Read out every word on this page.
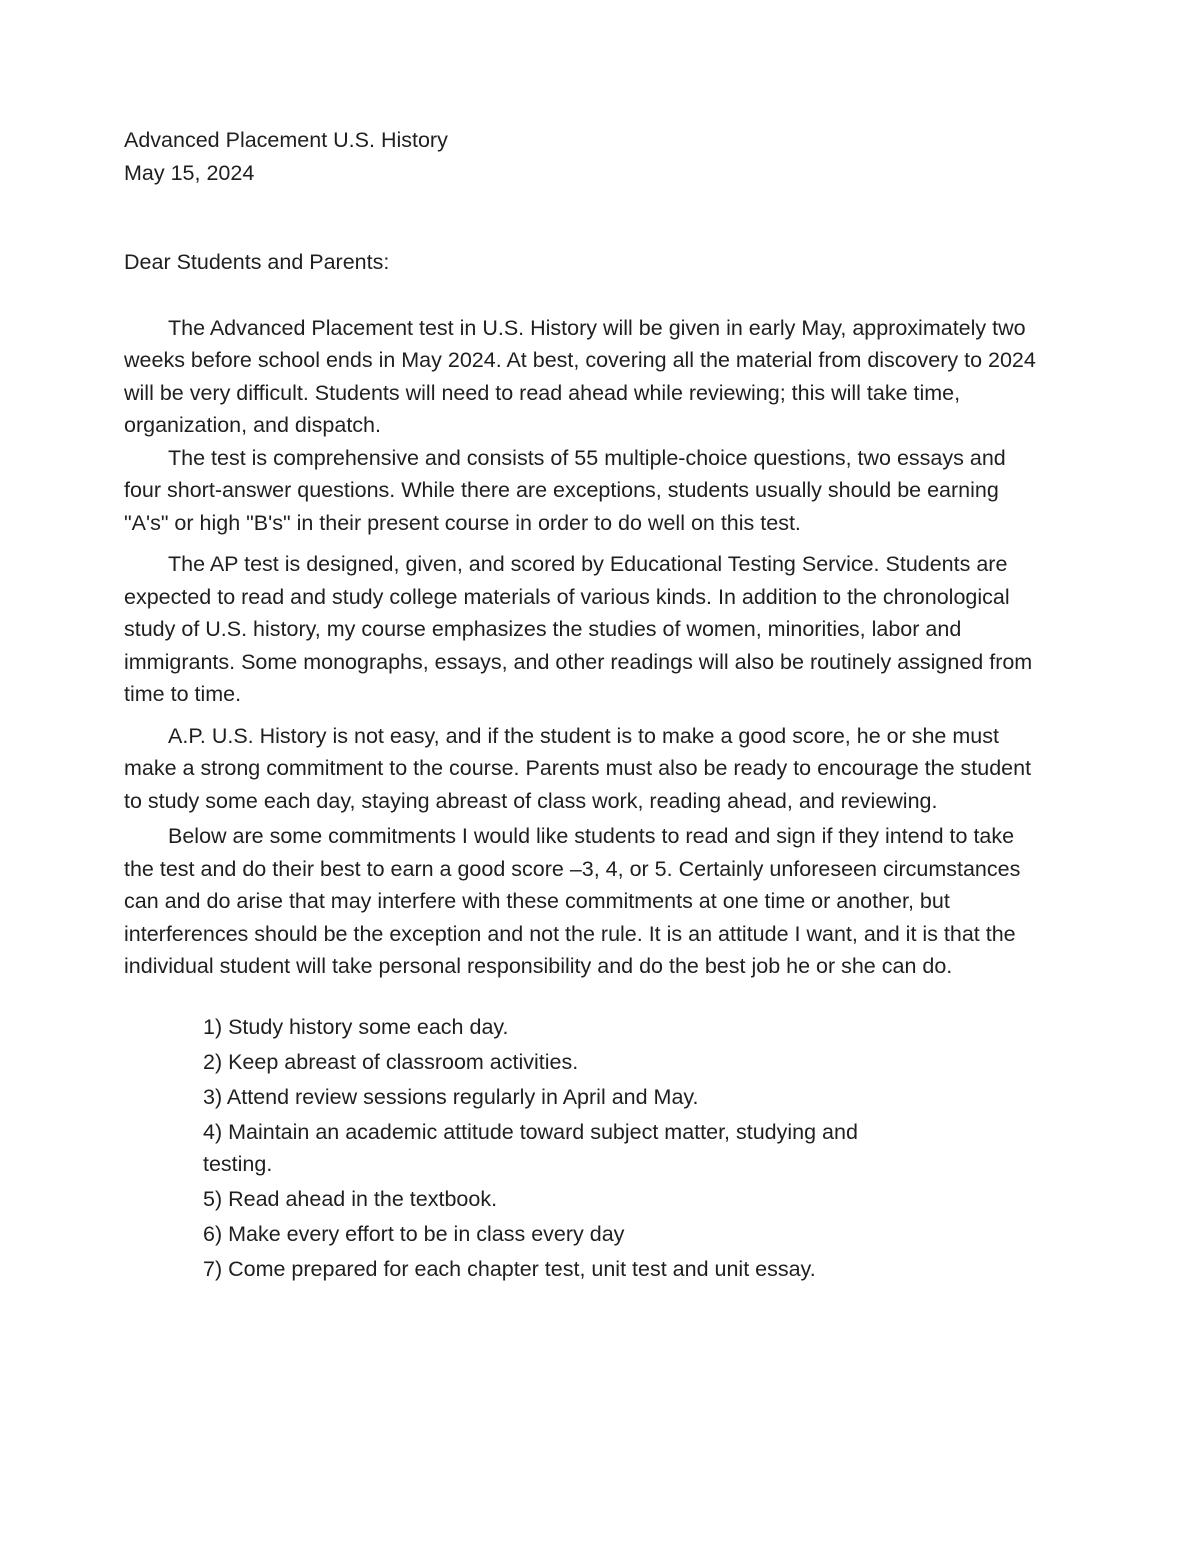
Advanced Placement U.S. History

May 15, 2024

Dear Students and Parents:

The Advanced Placement test in U.S. History will be given in early May, approximately two weeks before school ends in May 2024. At best, covering all the material from discovery to 2024 will be very difficult. Students will need to read ahead while reviewing; this will take time, organization, and dispatch.

The test is comprehensive and consists of 55 multiple-choice questions, two essays and four short-answer questions. While there are exceptions, students usually should be earning "A's" or high "B's" in their present course in order to do well on this test.

The AP test is designed, given, and scored by Educational Testing Service. Students are expected to read and study college materials of various kinds. In addition to the chronological study of U.S. history, my course emphasizes the studies of women, minorities, labor and immigrants. Some monographs, essays, and other readings will also be routinely assigned from time to time.

A.P. U.S. History is not easy, and if the student is to make a good score, he or she must make a strong commitment to the course. Parents must also be ready to encourage the student to study some each day, staying abreast of class work, reading ahead, and reviewing.

Below are some commitments I would like students to read and sign if they intend to take the test and do their best to earn a good score –3, 4, or 5. Certainly unforeseen circumstances can and do arise that may interfere with these commitments at one time or another, but interferences should be the exception and not the rule. It is an attitude I want, and it is that the individual student will take personal responsibility and do the best job he or she can do.

1) Study history some each day.
2) Keep abreast of classroom activities.
3) Attend review sessions regularly in April and May.
4) Maintain an academic attitude toward subject matter, studying and testing.
5) Read ahead in the textbook.
6) Make every effort to be in class every day
7) Come prepared for each chapter test, unit test and unit essay.
